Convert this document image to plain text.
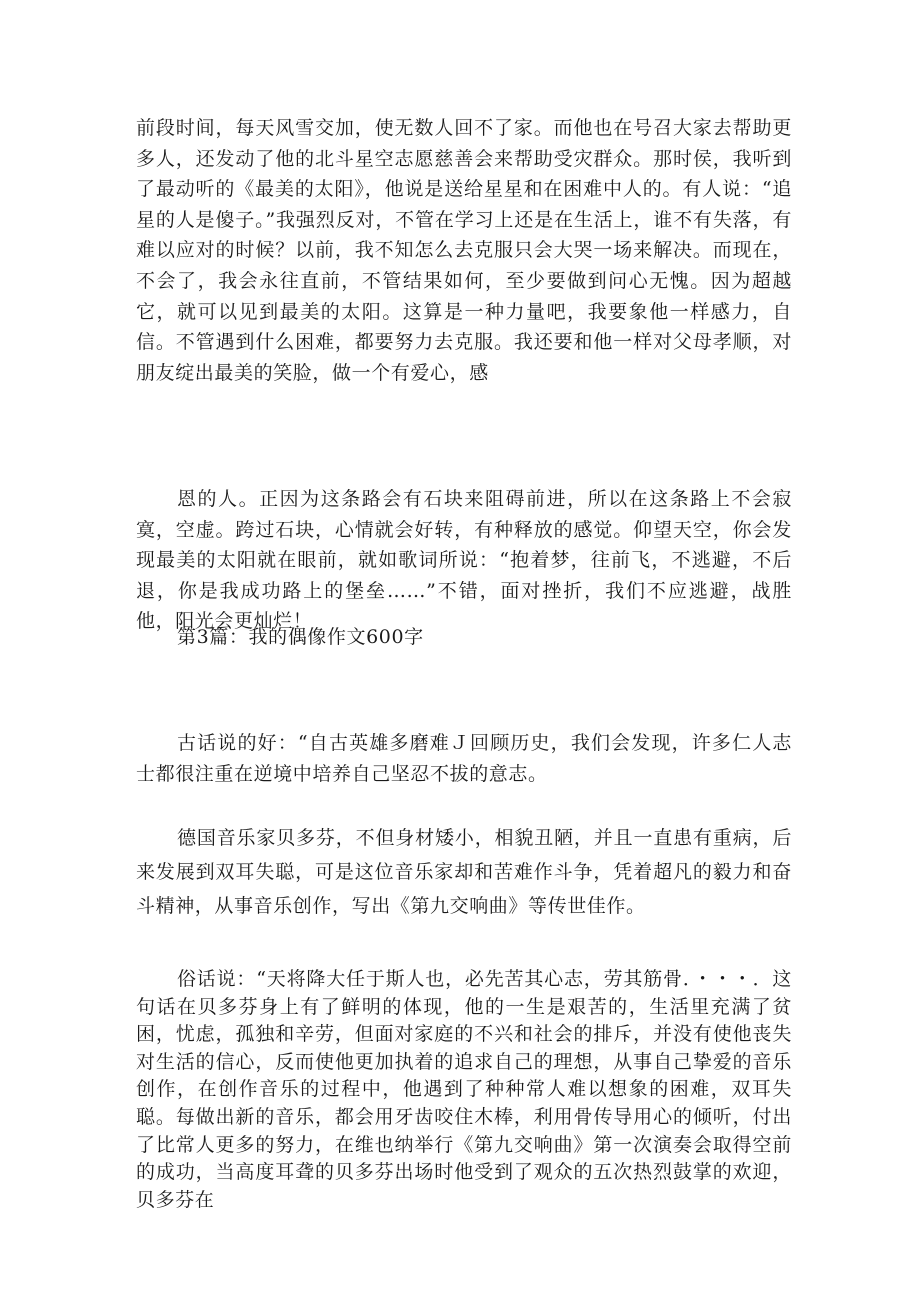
前段时间，每天风雪交加，使无数人回不了家。而他也在号召大家去帮助更多人，还发动了他的北斗星空志愿慈善会来帮助受灾群众。那时侯，我听到了最动听的《最美的太阳》，他说是送给星星和在困难中人的。有人说：“追星的人是傻子。”我强烈反对，不管在学习上还是在生活上，谁不有失落，有难以应对的时候？以前，我不知怎么去克服只会大哭一场来解决。而现在，不会了，我会永往直前，不管结果如何，至少要做到问心无愧。因为超越它，就可以见到最美的太阳。这算是一种力量吧，我要象他一样感力，自信。不管遇到什么困难，都要努力去克服。我还要和他一样对父母孝顺，对朋友绽出最美的笑脸，做一个有爱心，感

恩的人。正因为这条路会有石块来阻碍前进，所以在这条路上不会寂寞，空虚。跨过石块，心情就会好转，有种释放的感觉。仰望天空，你会发现最美的太阳就在眼前，就如歌词所说：“抱着梦，往前飞，不逃避，不后退，你是我成功路上的堡垒……”不错，面对挫折，我们不应逃避，战胜他，阳光会更灿烂！

第3篇：我的偶像作文600字

古话说的好：“自古英雄多磨难Ｊ回顾历史，我们会发现，许多仁人志士都很注重在逆境中培养自己坚忍不拔的意志。

德国音乐家贝多芬，不但身材矮小，相貌丑陋，并且一直患有重病，后来发展到双耳失聪，可是这位音乐家却和苦难作斗争，凭着超凡的毅力和奋斗精神，从事音乐创作，写出《第九交响曲》等传世佳作。

俗话说：“天将降大任于斯人也，必先苦其心志，劳其筋骨．・・・．这句话在贝多芬身上有了鲜明的体现，他的一生是艰苦的，生活里充满了贫困，忧虑，孤独和辛劳，但面对家庭的不兴和社会的排斥，并没有使他丧失对生活的信心，反而使他更加执着的追求自己的理想，从事自己挚爱的音乐创作，在创作音乐的过程中，他遇到了种种常人难以想象的困难，双耳失聪。每做出新的音乐，都会用牙齿咬住木棒，利用骨传导用心的倾听，付出了比常人更多的努力，在维也纳举行《第九交响曲》第一次演奏会取得空前的成功，当高度耳聋的贝多芬出场时他受到了观众的五次热烈鼓掌的欢迎，贝多芬在
